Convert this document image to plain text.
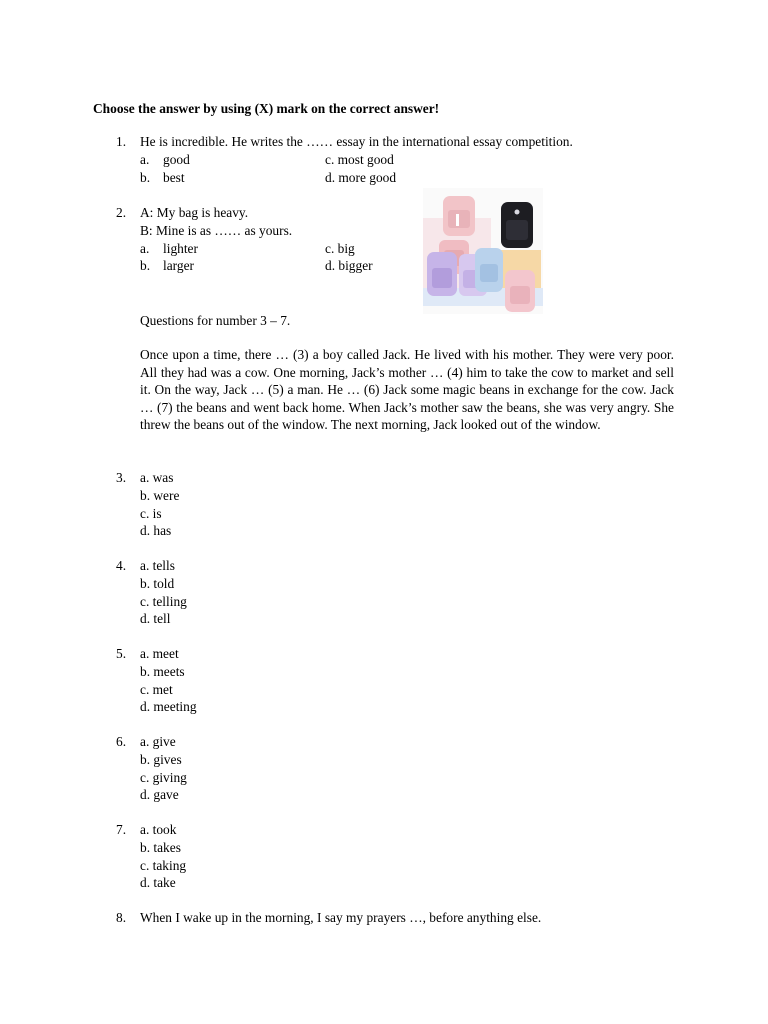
Choose the answer by using (X) mark on the correct answer!
1.	He is incredible. He writes the …… essay in the international essay competition.
a. good	c. most good
b. best	d. more good
2.	A: My bag is heavy.
B: Mine is as …… as yours.
a. lighter	c. big
b. larger	d. bigger
Questions for number 3 – 7.
Once upon a time, there … (3) a boy called Jack. He lived with his mother. They were very poor. All they had was a cow. One morning, Jack’s mother … (4) him to take the cow to market and sell it. On the way, Jack … (5) a man. He … (6) Jack some magic beans in exchange for the cow. Jack … (7) the beans and went back home. When Jack’s mother saw the beans, she was very angry. She threw the beans out of the window. The next morning, Jack looked out of the window.
3.	a. was
b. were
c. is
d. has
4.	a. tells
b. told
c. telling
d. tell
5.	a. meet
b. meets
c. met
d. meeting
6.	a. give
b. gives
c. giving
d. gave
7.	a. took
b. takes
c. taking
d. take
8.	When I wake up in the morning, I say my prayers …, before anything else.
